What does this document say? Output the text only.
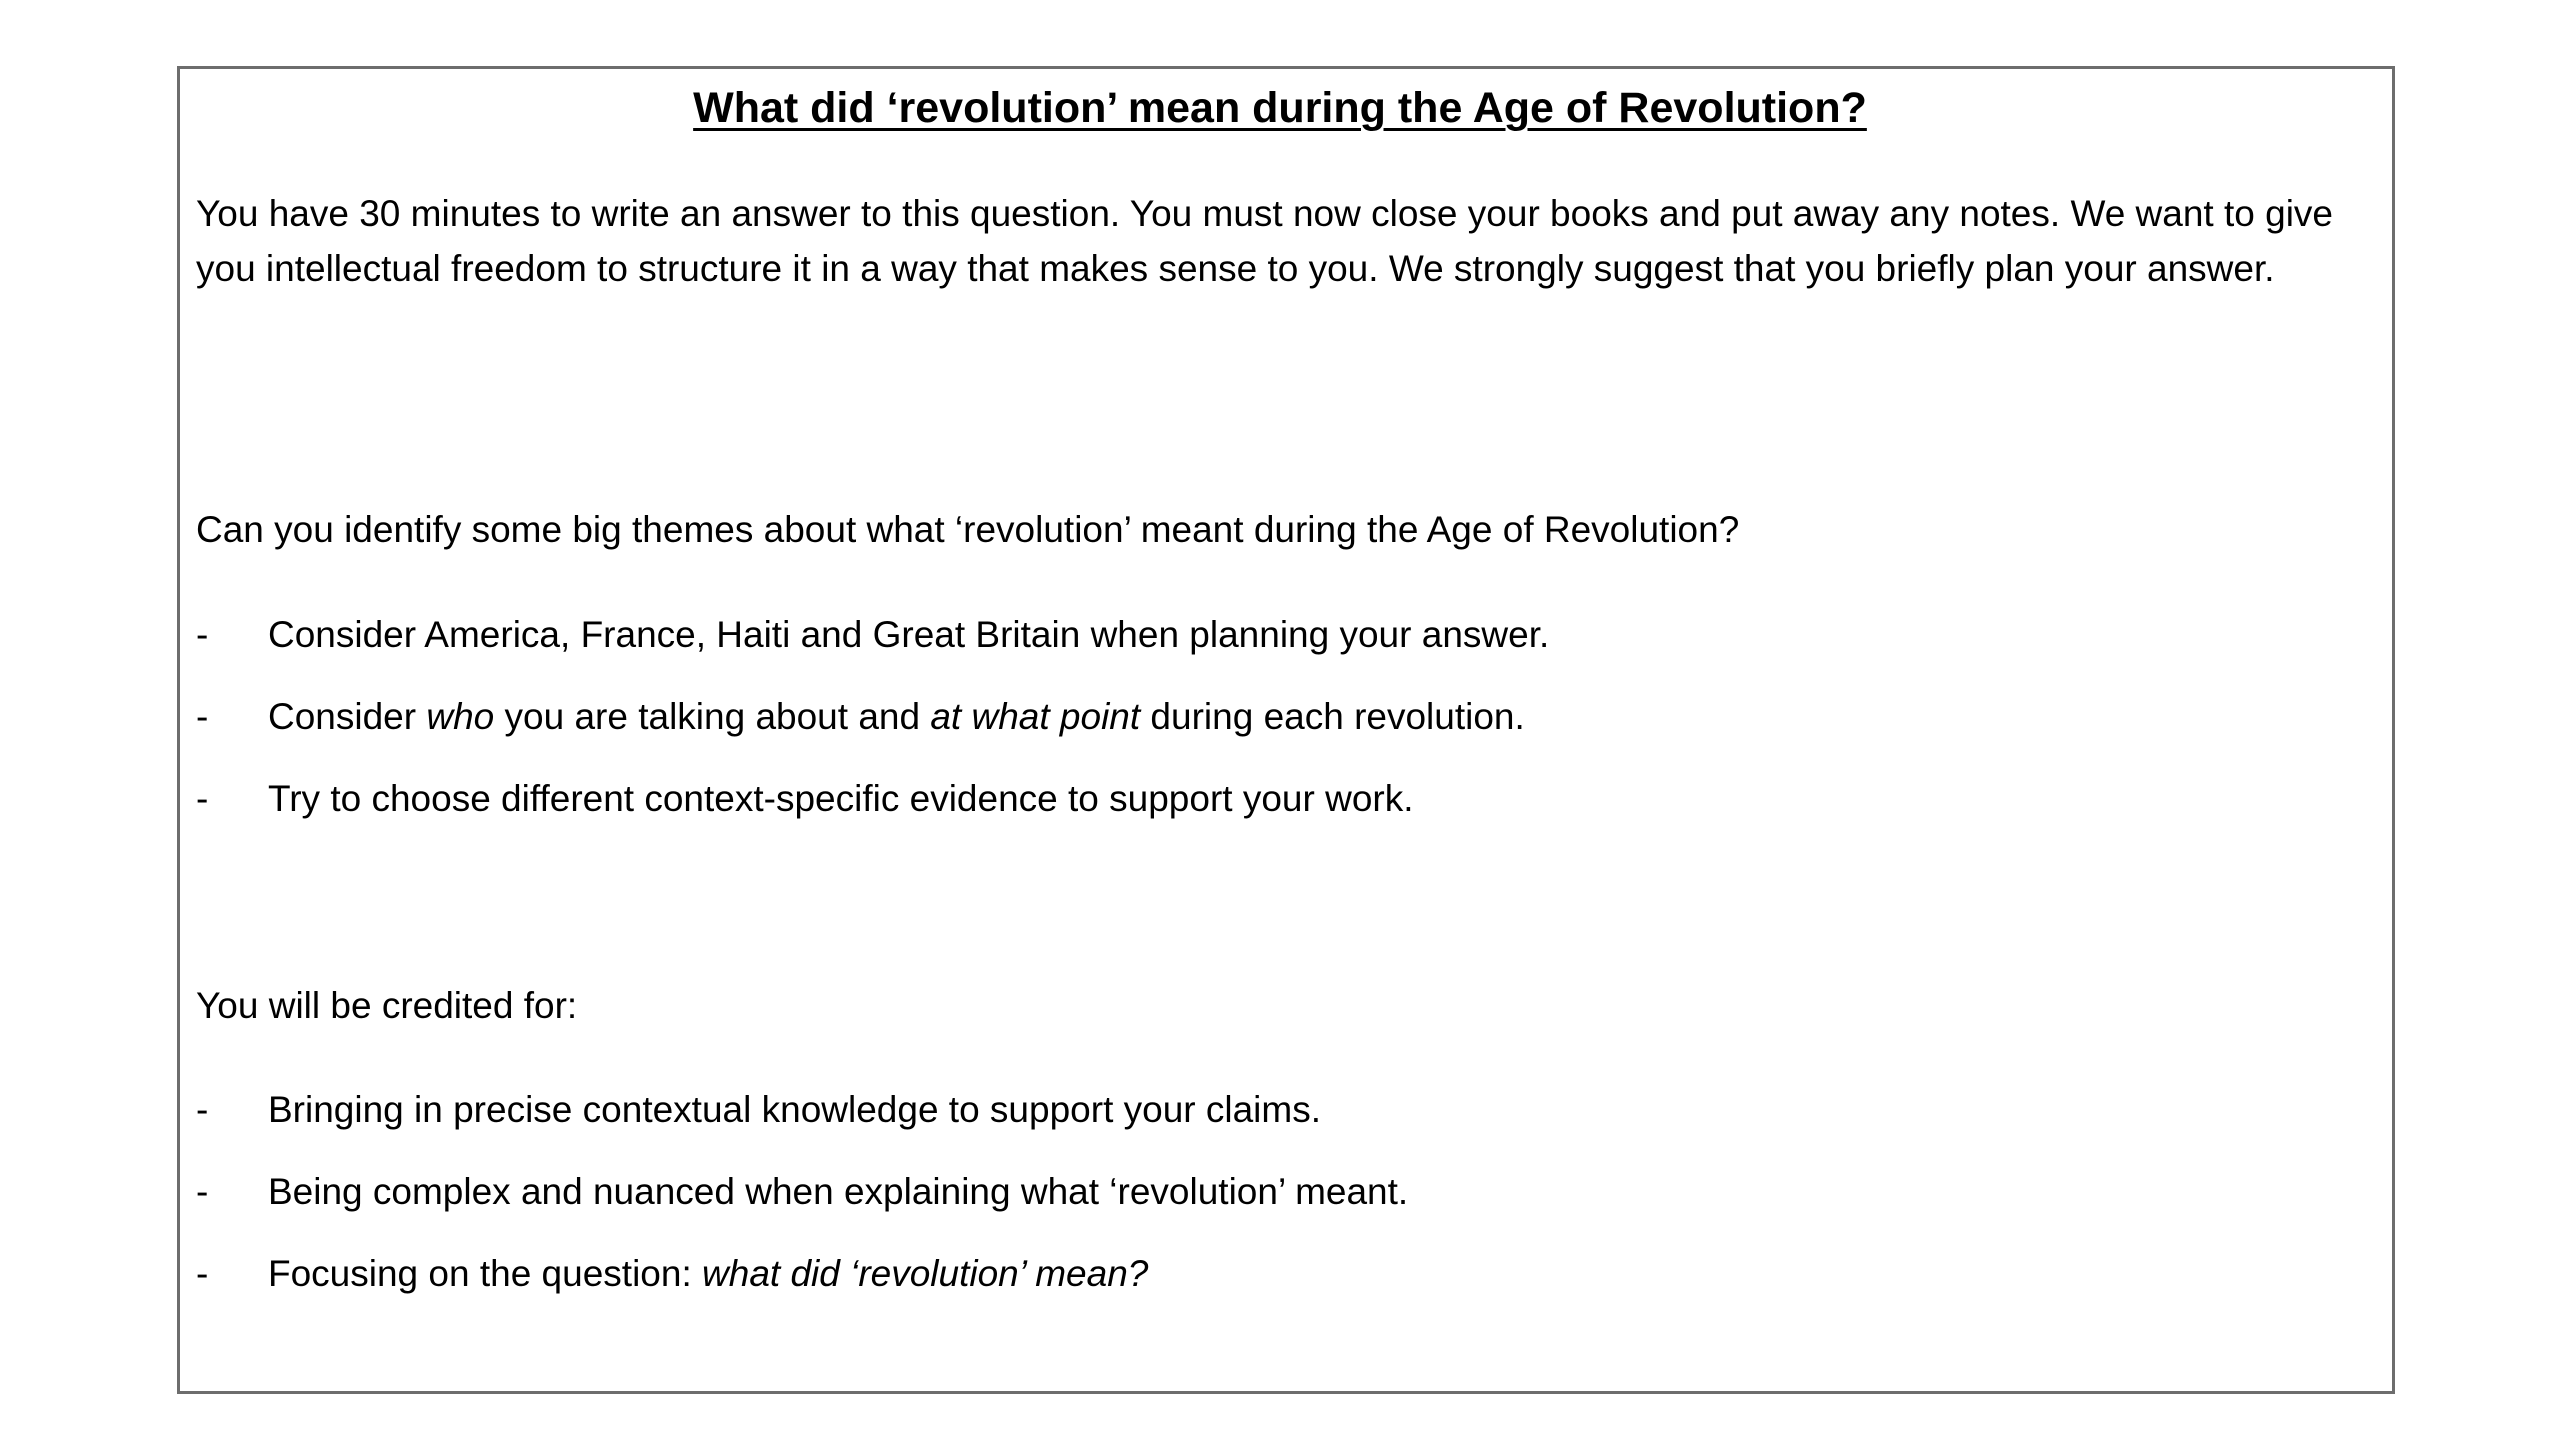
What did ‘revolution’ mean during the Age of Revolution?

You have 30 minutes to write an answer to this question. You must now close your books and put away any notes. We want to give you intellectual freedom to structure it in a way that makes sense to you. We strongly suggest that you briefly plan your answer.

Can you identify some big themes about what ‘revolution’ meant during the Age of Revolution?

-	Consider America, France, Haiti and Great Britain when planning your answer.
-	Consider who you are talking about and at what point during each revolution.
-	Try to choose different context-specific evidence to support your work.

You will be credited for:

-	Bringing in precise contextual knowledge to support your claims.
-	Being complex and nuanced when explaining what ‘revolution’ meant.
-	Focusing on the question: what did ‘revolution’ mean?
